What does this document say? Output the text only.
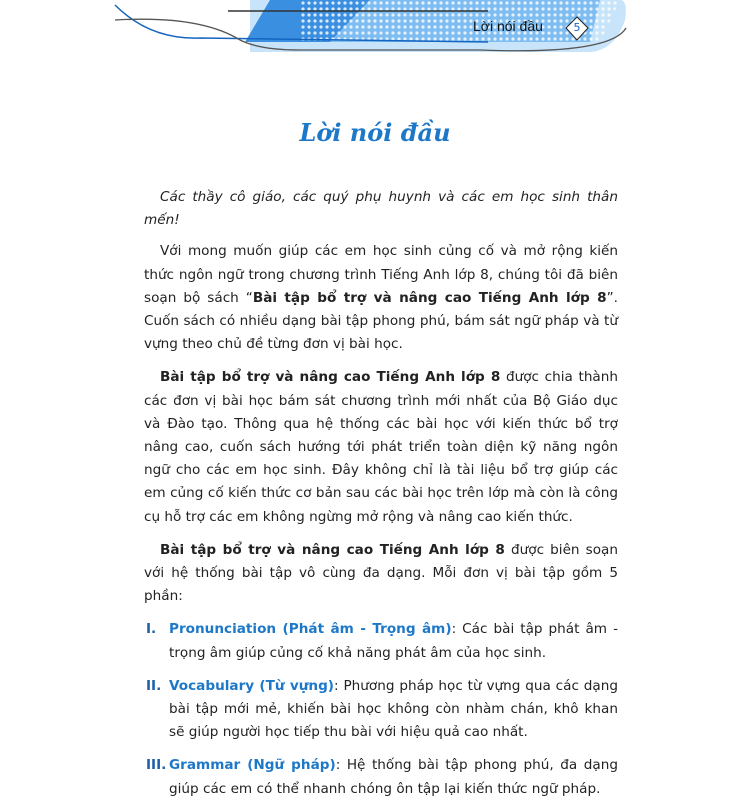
Lời nói đầu	5
Lời nói đầu

Các thầy cô giáo, các quý phụ huynh và các em học sinh thân mến!

Với mong muốn giúp các em học sinh củng cố và mở rộng kiến thức ngôn ngữ trong chương trình Tiếng Anh lớp 8, chúng tôi đã biên soạn bộ sách “Bài tập bổ trợ và nâng cao Tiếng Anh lớp 8”. Cuốn sách có nhiều dạng bài tập phong phú, bám sát ngữ pháp và từ vựng theo chủ đề từng đơn vị bài học.

Bài tập bổ trợ và nâng cao Tiếng Anh lớp 8 được chia thành các đơn vị bài học bám sát chương trình mới nhất của Bộ Giáo dục và Đào tạo. Thông qua hệ thống các bài học với kiến thức bổ trợ nâng cao, cuốn sách hướng tới phát triển toàn diện kỹ năng ngôn ngữ cho các em học sinh. Đây không chỉ là tài liệu bổ trợ giúp các em củng cố kiến thức cơ bản sau các bài học trên lớp mà còn là công cụ hỗ trợ các em không ngừng mở rộng và nâng cao kiến thức.

Bài tập bổ trợ và nâng cao Tiếng Anh lớp 8 được biên soạn với hệ thống bài tập vô cùng đa dạng. Mỗi đơn vị bài tập gồm 5 phần:

I. Pronunciation (Phát âm - Trọng âm): Các bài tập phát âm - trọng âm giúp củng cố khả năng phát âm của học sinh.
II. Vocabulary (Từ vựng): Phương pháp học từ vựng qua các dạng bài tập mới mẻ, khiến bài học không còn nhàm chán, khô khan sẽ giúp người học tiếp thu bài với hiệu quả cao nhất.
III. Grammar (Ngữ pháp): Hệ thống bài tập phong phú, đa dạng giúp các em có thể nhanh chóng ôn tập lại kiến thức ngữ pháp.
